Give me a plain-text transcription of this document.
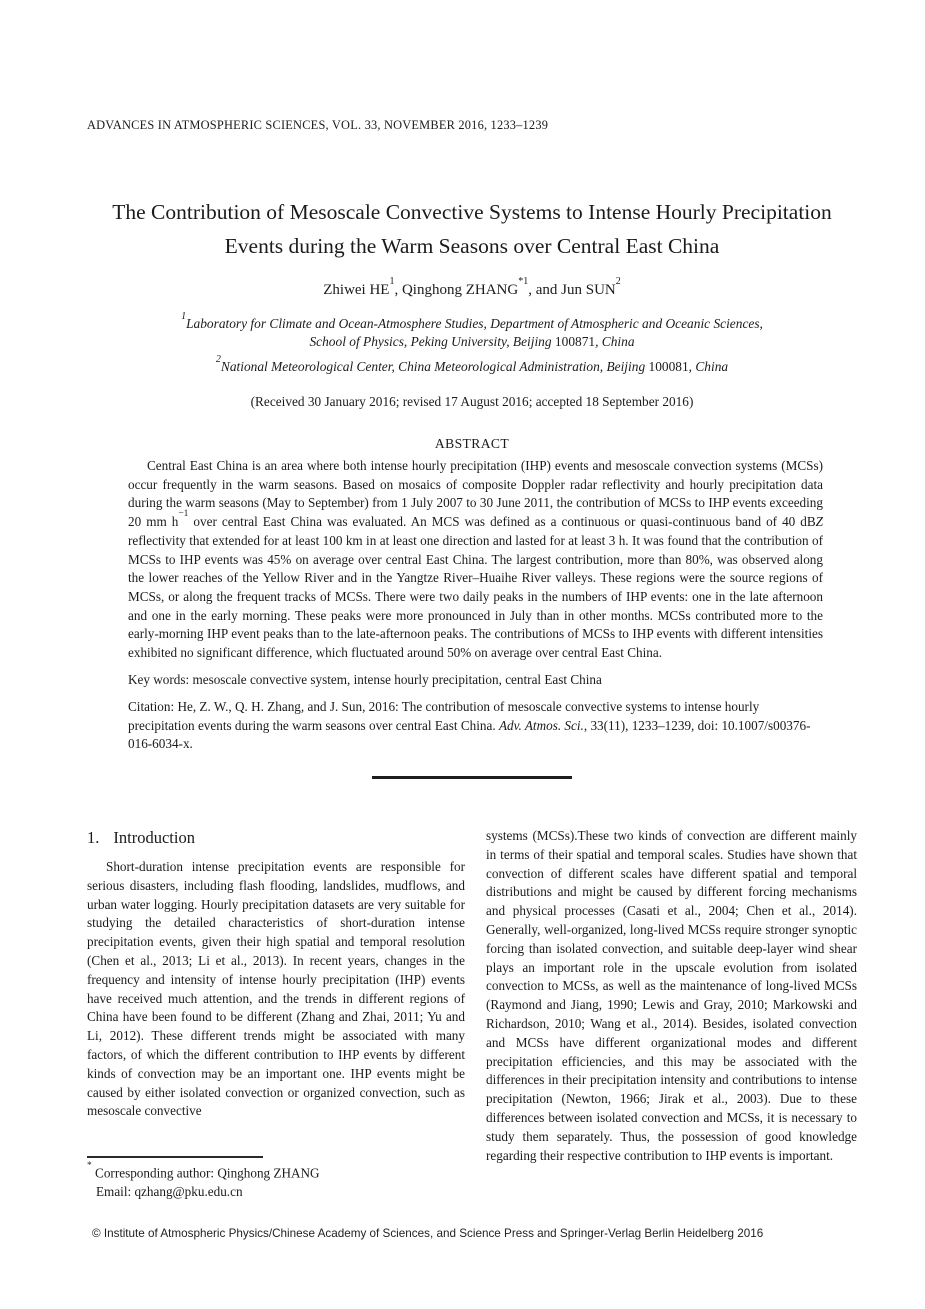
ADVANCES IN ATMOSPHERIC SCIENCES, VOL. 33, NOVEMBER 2016, 1233–1239
The Contribution of Mesoscale Convective Systems to Intense Hourly Precipitation Events during the Warm Seasons over Central East China
Zhiwei $HE^1$, Qinghong ZHANG$^{*1}$, and Jun SUN$^2$
$^1$Laboratory for Climate and Ocean-Atmosphere Studies, Department of Atmospheric and Oceanic Sciences,
School of Physics, Peking University, Beijing 100871, China
$^2$National Meteorological Center, China Meteorological Administration, Beijing 100081, China
(Received 30 January 2016; revised 17 August 2016; accepted 18 September 2016)
ABSTRACT
Central East China is an area where both intense hourly precipitation (IHP) events and mesoscale convection systems (MCSs) occur frequently in the warm seasons. Based on mosaics of composite Doppler radar reflectivity and hourly precipitation data during the warm seasons (May to September) from 1 July 2007 to 30 June 2011, the contribution of MCSs to IHP events exceeding 20 mm $h^{-1}$ over central East China was evaluated. An MCS was defined as a continuous or quasi-continuous band of 40 dBZ reflectivity that extended for at least 100 km in at least one direction and lasted for at least 3 h. It was found that the contribution of MCSs to IHP events was 45% on average over central East China. The largest contribution, more than 80%, was observed along the lower reaches of the Yellow River and in the Yangtze River–Huaihe River valleys. These regions were the source regions of MCSs, or along the frequent tracks of MCSs. There were two daily peaks in the numbers of IHP events: one in the late afternoon and one in the early morning. These peaks were more pronounced in July than in other months. MCSs contributed more to the early-morning IHP event peaks than to the late-afternoon peaks. The contributions of MCSs to IHP events with different intensities exhibited no significant difference, which fluctuated around 50% on average over central East China.
Key words: mesoscale convective system, intense hourly precipitation, central East China
Citation: He, Z. W., Q. H. Zhang, and J. Sun, 2016: The contribution of mesoscale convective systems to intense hourly precipitation events during the warm seasons over central East China. Adv. Atmos. Sci., 33(11), 1233–1239, doi: 10.1007/s00376-016-6034-x.
1. Introduction
Short-duration intense precipitation events are responsible for serious disasters, including flash flooding, landslides, mudflows, and urban water logging. Hourly precipitation datasets are very suitable for studying the detailed characteristics of short-duration intense precipitation events, given their high spatial and temporal resolution (Chen et al., 2013; Li et al., 2013). In recent years, changes in the frequency and intensity of intense hourly precipitation (IHP) events have received much attention, and the trends in different regions of China have been found to be different (Zhang and Zhai, 2011; Yu and Li, 2012). These different trends might be associated with many factors, of which the different contribution to IHP events by different kinds of convection may be an important one. IHP events might be caused by either isolated convection or organized convection, such as mesoscale convective
systems (MCSs).These two kinds of convection are different mainly in terms of their spatial and temporal scales. Studies have shown that convection of different scales have different spatial and temporal distributions and might be caused by different forcing mechanisms and physical processes (Casati et al., 2004; Chen et al., 2014). Generally, well-organized, long-lived MCSs require stronger synoptic forcing than isolated convection, and suitable deep-layer wind shear plays an important role in the upscale evolution from isolated convection to MCSs, as well as the maintenance of long-lived MCSs (Raymond and Jiang, 1990; Lewis and Gray, 2010; Markowski and Richardson, 2010; Wang et al., 2014). Besides, isolated convection and MCSs have different organizational modes and different precipitation efficiencies, and this may be associated with the differences in their precipitation intensity and contributions to intense precipitation (Newton, 1966; Jirak et al., 2003). Due to these differences between isolated convection and MCSs, it is necessary to study them separately. Thus, the possession of good knowledge regarding their respective contribution to IHP events is important.
* Corresponding author: Qinghong ZHANG
Email: qzhang@pku.edu.cn
© Institute of Atmospheric Physics/Chinese Academy of Sciences, and Science Press and Springer-Verlag Berlin Heidelberg 2016
